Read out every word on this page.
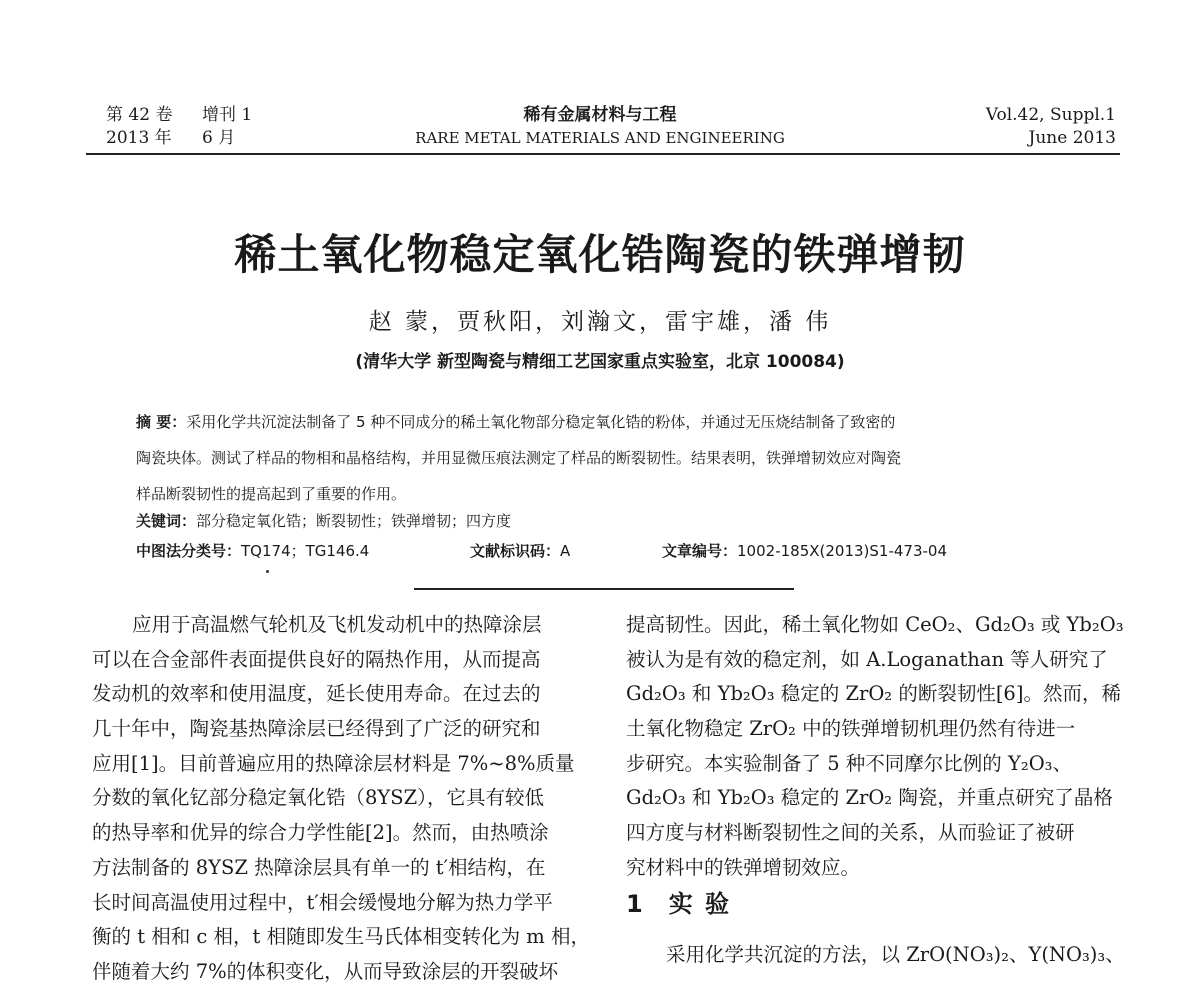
第 42 卷 增刊 1
2013 年 6 月
稀有金属材料与工程
RARE METAL MATERIALS AND ENGINEERING
Vol.42, Suppl.1
June 2013
稀土氧化物稳定氧化锆陶瓷的铁弹增韧
赵 蒙，贾秋阳，刘瀚文，雷宇雄，潘 伟
(清华大学 新型陶瓷与精细工艺国家重点实验室，北京 100084)
摘 要：采用化学共沉淀法制备了 5 种不同成分的稀土氧化物部分稳定氧化锆的粉体，并通过无压烧结制备了致密的
陶瓷块体。测试了样品的物相和晶格结构，并用显微压痕法测定了样品的断裂韧性。结果表明，铁弹增韧效应对陶瓷
样品断裂韧性的提高起到了重要的作用。
关键词：部分稳定氧化锆；断裂韧性；铁弹增韧；四方度
中图法分类号：TQ174；TG146.4	文献标识码：A	文章编号：1002-185X(2013)S1-473-04
应用于高温燃气轮机及飞机发动机中的热障涂层
可以在合金部件表面提供良好的隔热作用，从而提高
发动机的效率和使用温度，延长使用寿命。在过去的
几十年中，陶瓷基热障涂层已经得到了广泛的研究和
应用[1]。目前普遍应用的热障涂层材料是 7%~8%质量
分数的氧化钇部分稳定氧化锆（8YSZ），它具有较低
的热导率和优异的综合力学性能[2]。然而，由热喷涂
方法制备的 8YSZ 热障涂层具有单一的 t′相结构，在
长时间高温使用过程中，t′相会缓慢地分解为热力学平
衡的 t 相和 c 相，t 相随即发生马氏体相变转化为 m 相，
伴随着大约 7%的体积变化，从而导致涂层的开裂破坏
提高韧性。因此，稀土氧化物如 CeO₂、Gd₂O₃ 或 Yb₂O₃
被认为是有效的稳定剂，如 A.Loganathan 等人研究了
Gd₂O₃ 和 Yb₂O₃ 稳定的 ZrO₂ 的断裂韧性[6]。然而，稀
土氧化物稳定 ZrO₂ 中的铁弹增韧机理仍然有待进一
步研究。本实验制备了 5 种不同摩尔比例的 Y₂O₃、
Gd₂O₃ 和 Yb₂O₃ 稳定的 ZrO₂ 陶瓷，并重点研究了晶格
四方度与材料断裂韧性之间的关系，从而验证了被研
究材料中的铁弹增韧效应。
1 实 验
采用化学共沉淀的方法，以 ZrO(NO₃)₂、Y(NO₃)₃、
